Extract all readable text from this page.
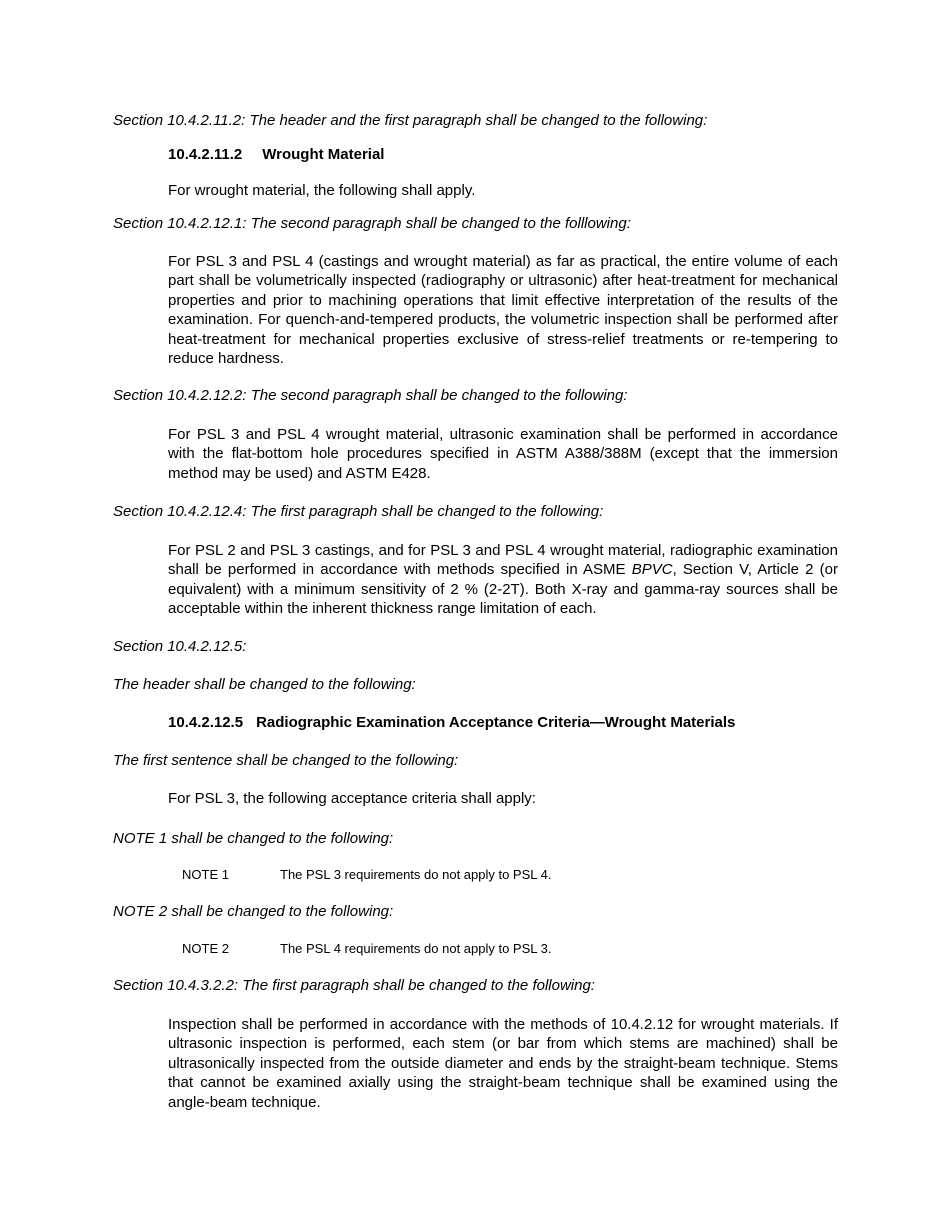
Section 10.4.2.11.2: The header and the first paragraph shall be changed to the following:
10.4.2.11.2 Wrought Material
For wrought material, the following shall apply.
Section 10.4.2.12.1: The second paragraph shall be changed to the folllowing:
For PSL 3 and PSL 4 (castings and wrought material) as far as practical, the entire volume of each part shall be volumetrically inspected (radiography or ultrasonic) after heat-treatment for mechanical properties and prior to machining operations that limit effective interpretation of the results of the examination. For quench-and-tempered products, the volumetric inspection shall be performed after heat-treatment for mechanical properties exclusive of stress-relief treatments or re-tempering to reduce hardness.
Section 10.4.2.12.2: The second paragraph shall be changed to the following:
For PSL 3 and PSL 4 wrought material, ultrasonic examination shall be performed in accordance with the flat-bottom hole procedures specified in ASTM A388/388M (except that the immersion method may be used) and ASTM E428.
Section 10.4.2.12.4: The first paragraph shall be changed to the following:
For PSL 2 and PSL 3 castings, and for PSL 3 and PSL 4 wrought material, radiographic examination shall be performed in accordance with methods specified in ASME BPVC, Section V, Article 2 (or equivalent) with a minimum sensitivity of 2 % (2-2T). Both X-ray and gamma-ray sources shall be acceptable within the inherent thickness range limitation of each.
Section 10.4.2.12.5:
The header shall be changed to the following:
10.4.2.12.5 Radiographic Examination Acceptance Criteria—Wrought Materials
The first sentence shall be changed to the following:
For PSL 3, the following acceptance criteria shall apply:
NOTE 1 shall be changed to the following:
NOTE 1	The PSL 3 requirements do not apply to PSL 4.
NOTE 2 shall be changed to the following:
NOTE 2	The PSL 4 requirements do not apply to PSL 3.
Section 10.4.3.2.2: The first paragraph shall be changed to the following:
Inspection shall be performed in accordance with the methods of 10.4.2.12 for wrought materials. If ultrasonic inspection is performed, each stem (or bar from which stems are machined) shall be ultrasonically inspected from the outside diameter and ends by the straight-beam technique. Stems that cannot be examined axially using the straight-beam technique shall be examined using the angle-beam technique.
